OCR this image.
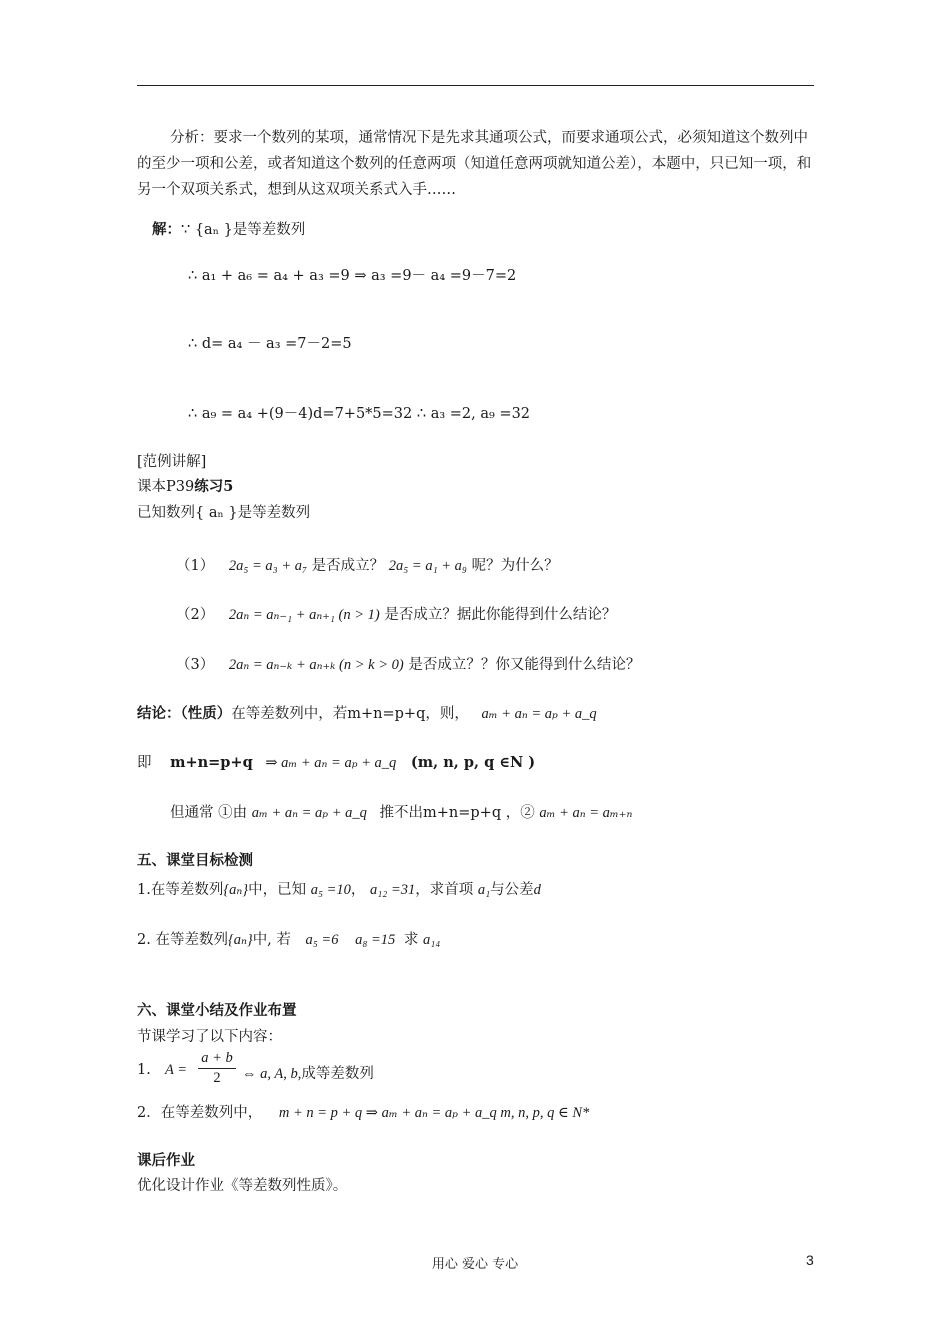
分析：要求一个数列的某项，通常情况下是先求其通项公式，而要求通项公式，必须知道这个数列中的至少一项和公差，或者知道这个数列的任意两项（知道任意两项就知道公差），本题中，只已知一项，和另一个双项关系式，想到从这双项关系式入手……
解：∵ {aₙ }是等差数列
∴ a₁ + a₆ = a₄ + a₃ =9 ⇒ a₃ =9－ a₄ =9－7=2
∴ d= a₄ － a₃ =7－2=5
∴ a₉ = a₄ +(9－4)d=7+5*5=32 ∴ a₃ =2, a₉ =32
[范例讲解]
课本P39练习5
已知数列{ aₙ }是等差数列
（1） 2a₅ = a₃ + a₇ 是否成立？ 2a₅ = a₁ + a₉ 呢？为什么？
（2） 2aₙ = aₙ₋₁ + aₙ₊₁ (n > 1) 是否成立？据此你能得到什么结论？
（3） 2aₙ = aₙ₋ₖ + aₙ₊ₖ (n > k > 0) 是否成立？？你又能得到什么结论？
结论：（性质）在等差数列中，若m+n=p+q，则， aₘ + aₙ = aₚ + a_q
即 m+n=p+q ⇒ aₘ + aₙ = aₚ + a_q (m, n, p, q ∈N )
但通常 ①由 aₘ + aₙ = aₚ + a_q 推不出m+n=p+q ，② aₘ + aₙ = aₘ₊ₙ
五、课堂目标检测
1.在等差数列{aₙ}中，已知 a₅ =10， a₁₂ =31，求首项 a₁与公差d
2. 在等差数列{aₙ}中, 若 a₅ =6 a₈ =15 求 a₁₄
六、课堂小结及作业布置
节课学习了以下内容：
1. A =
a + b
2	⇔ a, A, b,成等差数列
2．在等差数列中， m + n = p + q ⇒ aₘ + aₙ = aₚ + a_q m, n, p, q ∈ N*
课后作业
优化设计作业《等差数列性质》。
用心 爱心 专心	3
